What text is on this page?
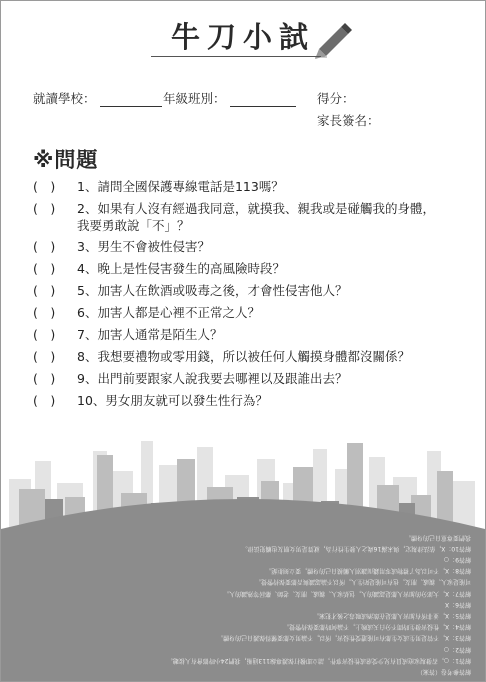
牛刀小試
就讀學校：	年級班別：	得分：
家長簽名：
※問題
(　) 1、請問全國保護專線電話是113嗎？
(　) 2、如果有人沒有經過我同意，就摸我、親我或是碰觸我的身體，
我要勇敢說「不」？
(　) 3、男生不會被性侵害？
(　) 4、晚上是性侵害發生的高風險時段？
(　) 5、加害人在飲酒或吸毒之後，才會性侵害他人？
(　) 6、加害人都是心裡不正常之人？
(　) 7、加害人通常是陌生人？
(　) 8、我想要禮物或零用錢，所以被任何人觸摸身體都沒關係？
(　) 9、出門前要跟家人說我要去哪裡以及跟誰出去？
(　) 10、男女朋友就可以發生性行為？
解答參考卷（答案）
解答1：○，若發現家庭成員有兒少受虐或性侵害事件，請立即撥打保護專線113通報，我們24小時都會有人接聽。
解答2：○
解答3：X，不管是男生或女生都有可能遭受性侵害，所以，不論男女都要懂得保護自己的身體。
解答4：X，性侵害發生時間不分白天或晚上，不論何時都要保持警覺。
解答5：X，並非所有加害人都是在飲酒或吸毒之後才犯案。
解答6：X
解答7：X，大部分的加害人都是認識的人，包括家人、親戚、朋友、老師、鄰居等熟識的人。
可能是家人、親戚、朋友，也有可能是陌生人，所以不論認識與否都要保持警覺。
解答8：X，不可以為了禮物或零用錢而讓別人觸摸自己的身體，要立刻拒絕。
解答9：○
解答10：X，依法律規定，與未滿16歲之人發生性行為，就算是男女朋友也觸犯法律。
我們要尊重自己的身體。
